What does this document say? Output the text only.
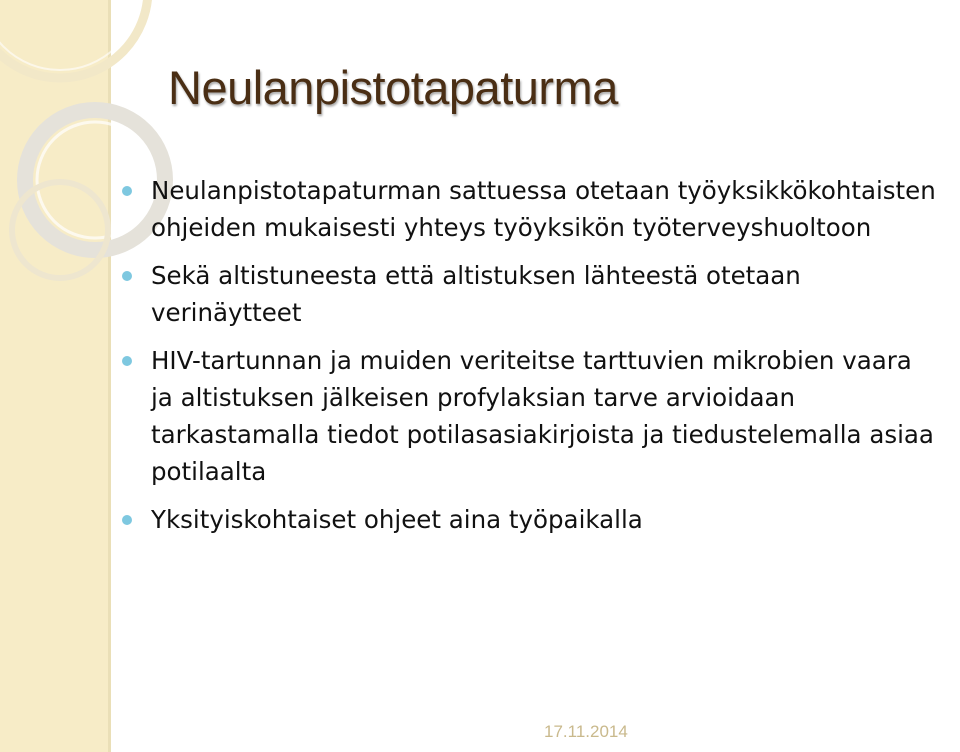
Neulanpistotapaturma
Neulanpistotapaturman sattuessa otetaan työyksikkökohtaisten ohjeiden mukaisesti yhteys työyksikön työterveyshuoltoon
Sekä altistuneesta että altistuksen lähteestä otetaan verinäytteet
HIV-tartunnan ja muiden veriteitse tarttuvien mikrobien vaara ja altistuksen jälkeisen profylaksian tarve arvioidaan tarkastamalla tiedot potilasasiakirjoista ja tiedustelemalla asiaa potilaalta
Yksityiskohtaiset ohjeet aina työpaikalla
17.11.2014
